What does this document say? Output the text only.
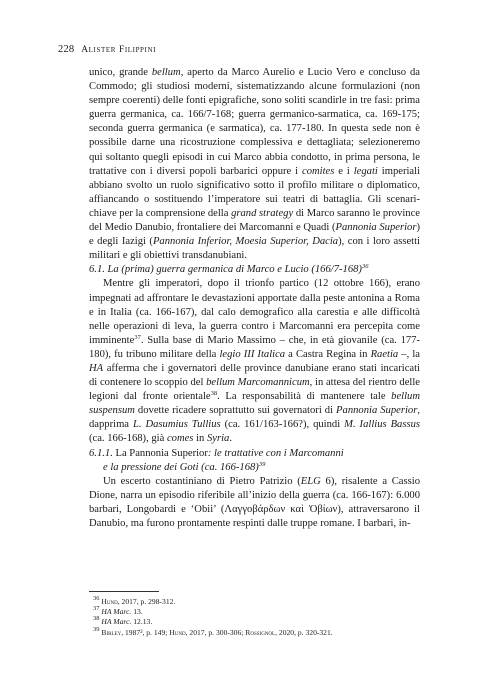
228 Alister Filippini

unico, grande bellum, aperto da Marco Aurelio e Lucio Vero e concluso da Commodo; gli studiosi moderni, sistematizzando alcune formulazioni (non sempre coerenti) delle fonti epigrafiche, sono soliti scandirle in tre fasi: prima guerra germanica, ca. 166/7-168; guerra germanico-sarmatica, ca. 169-175; seconda guerra germanica (e sarmatica), ca. 177-180. In questa sede non è possibile darne una ricostruzione complessiva e dettagliata; selezioneremo qui soltanto quegli episodi in cui Marco abbia condotto, in prima persona, le trattative con i diversi popoli barbarici oppure i comites e i legati imperiali abbiano svolto un ruolo significativo sotto il profilo militare o diplomatico, affiancando o sostituendo l’imperatore sui teatri di battaglia. Gli scenari-chiave per la comprensione della grand strategy di Marco saranno le province del Medio Danubio, frontaliere dei Marcomanni e Quadi (Pannonia Superior) e degli Iazigi (Pannonia Inferior, Moesia Superior, Dacia), con i loro assetti militari e gli obiettivi transdanubiani.

6.1. La (prima) guerra germanica di Marco e Lucio $(166/7-168)^{36}$

Mentre gli imperatori, dopo il trionfo partico (12 ottobre 166), erano impegnati ad affrontare le devastazioni apportate dalla peste antonina a Roma e in Italia (ca. 166-167), dal calo demografico alla carestia e alle difficoltà nelle operazioni di leva, la guerra contro i Marcomanni era percepita come imminente$^{37}$. Sulla base di Mario Massimo – che, in età giovanile (ca. 177-180), fu tribuno militare della legio III Italica a Castra Regina in Raetia –, la HA afferma che i governatori delle province danubiane erano stati incaricati di contenere lo scoppio del bellum Marcomannicum, in attesa del rientro delle legioni dal fronte orientale$^{38}$. La responsabilità di mantenere tale bellum suspensum dovette ricadere soprattutto sui governatori di Pannonia Superior, dapprima L. Dasumius Tullius (ca. 161/163-166?), quindi M. Iallius Bassus (ca. 166-168), già comes in Syria.

6.1.1. La Pannonia Superior: le trattative con i Marcomanni
e la pressione dei Goti (ca. 166-168)$^{39}$

Un escerto costantiniano di Pietro Patrizio (ELG 6), risalente a Cassio Dione, narra un episodio riferibile all’inizio della guerra (ca. 166-167): 6.000 barbari, Longobardi e ‘Obii’ (Λαγγοβάρδων καὶ Ὀβίων), attraversarono il Danubio, ma furono prontamente respinti dalle truppe romane. I barbari, in-

$^{36}$ Hund, 2017, p. 298-312.

$^{37}$ HA Marc. 13.

$^{38}$ HA Marc. 12.13.

$^{39}$ Birley, 1987², p. 149; Hund, 2017, p. 300-306; Rossignol, 2020, p. 320-321.
